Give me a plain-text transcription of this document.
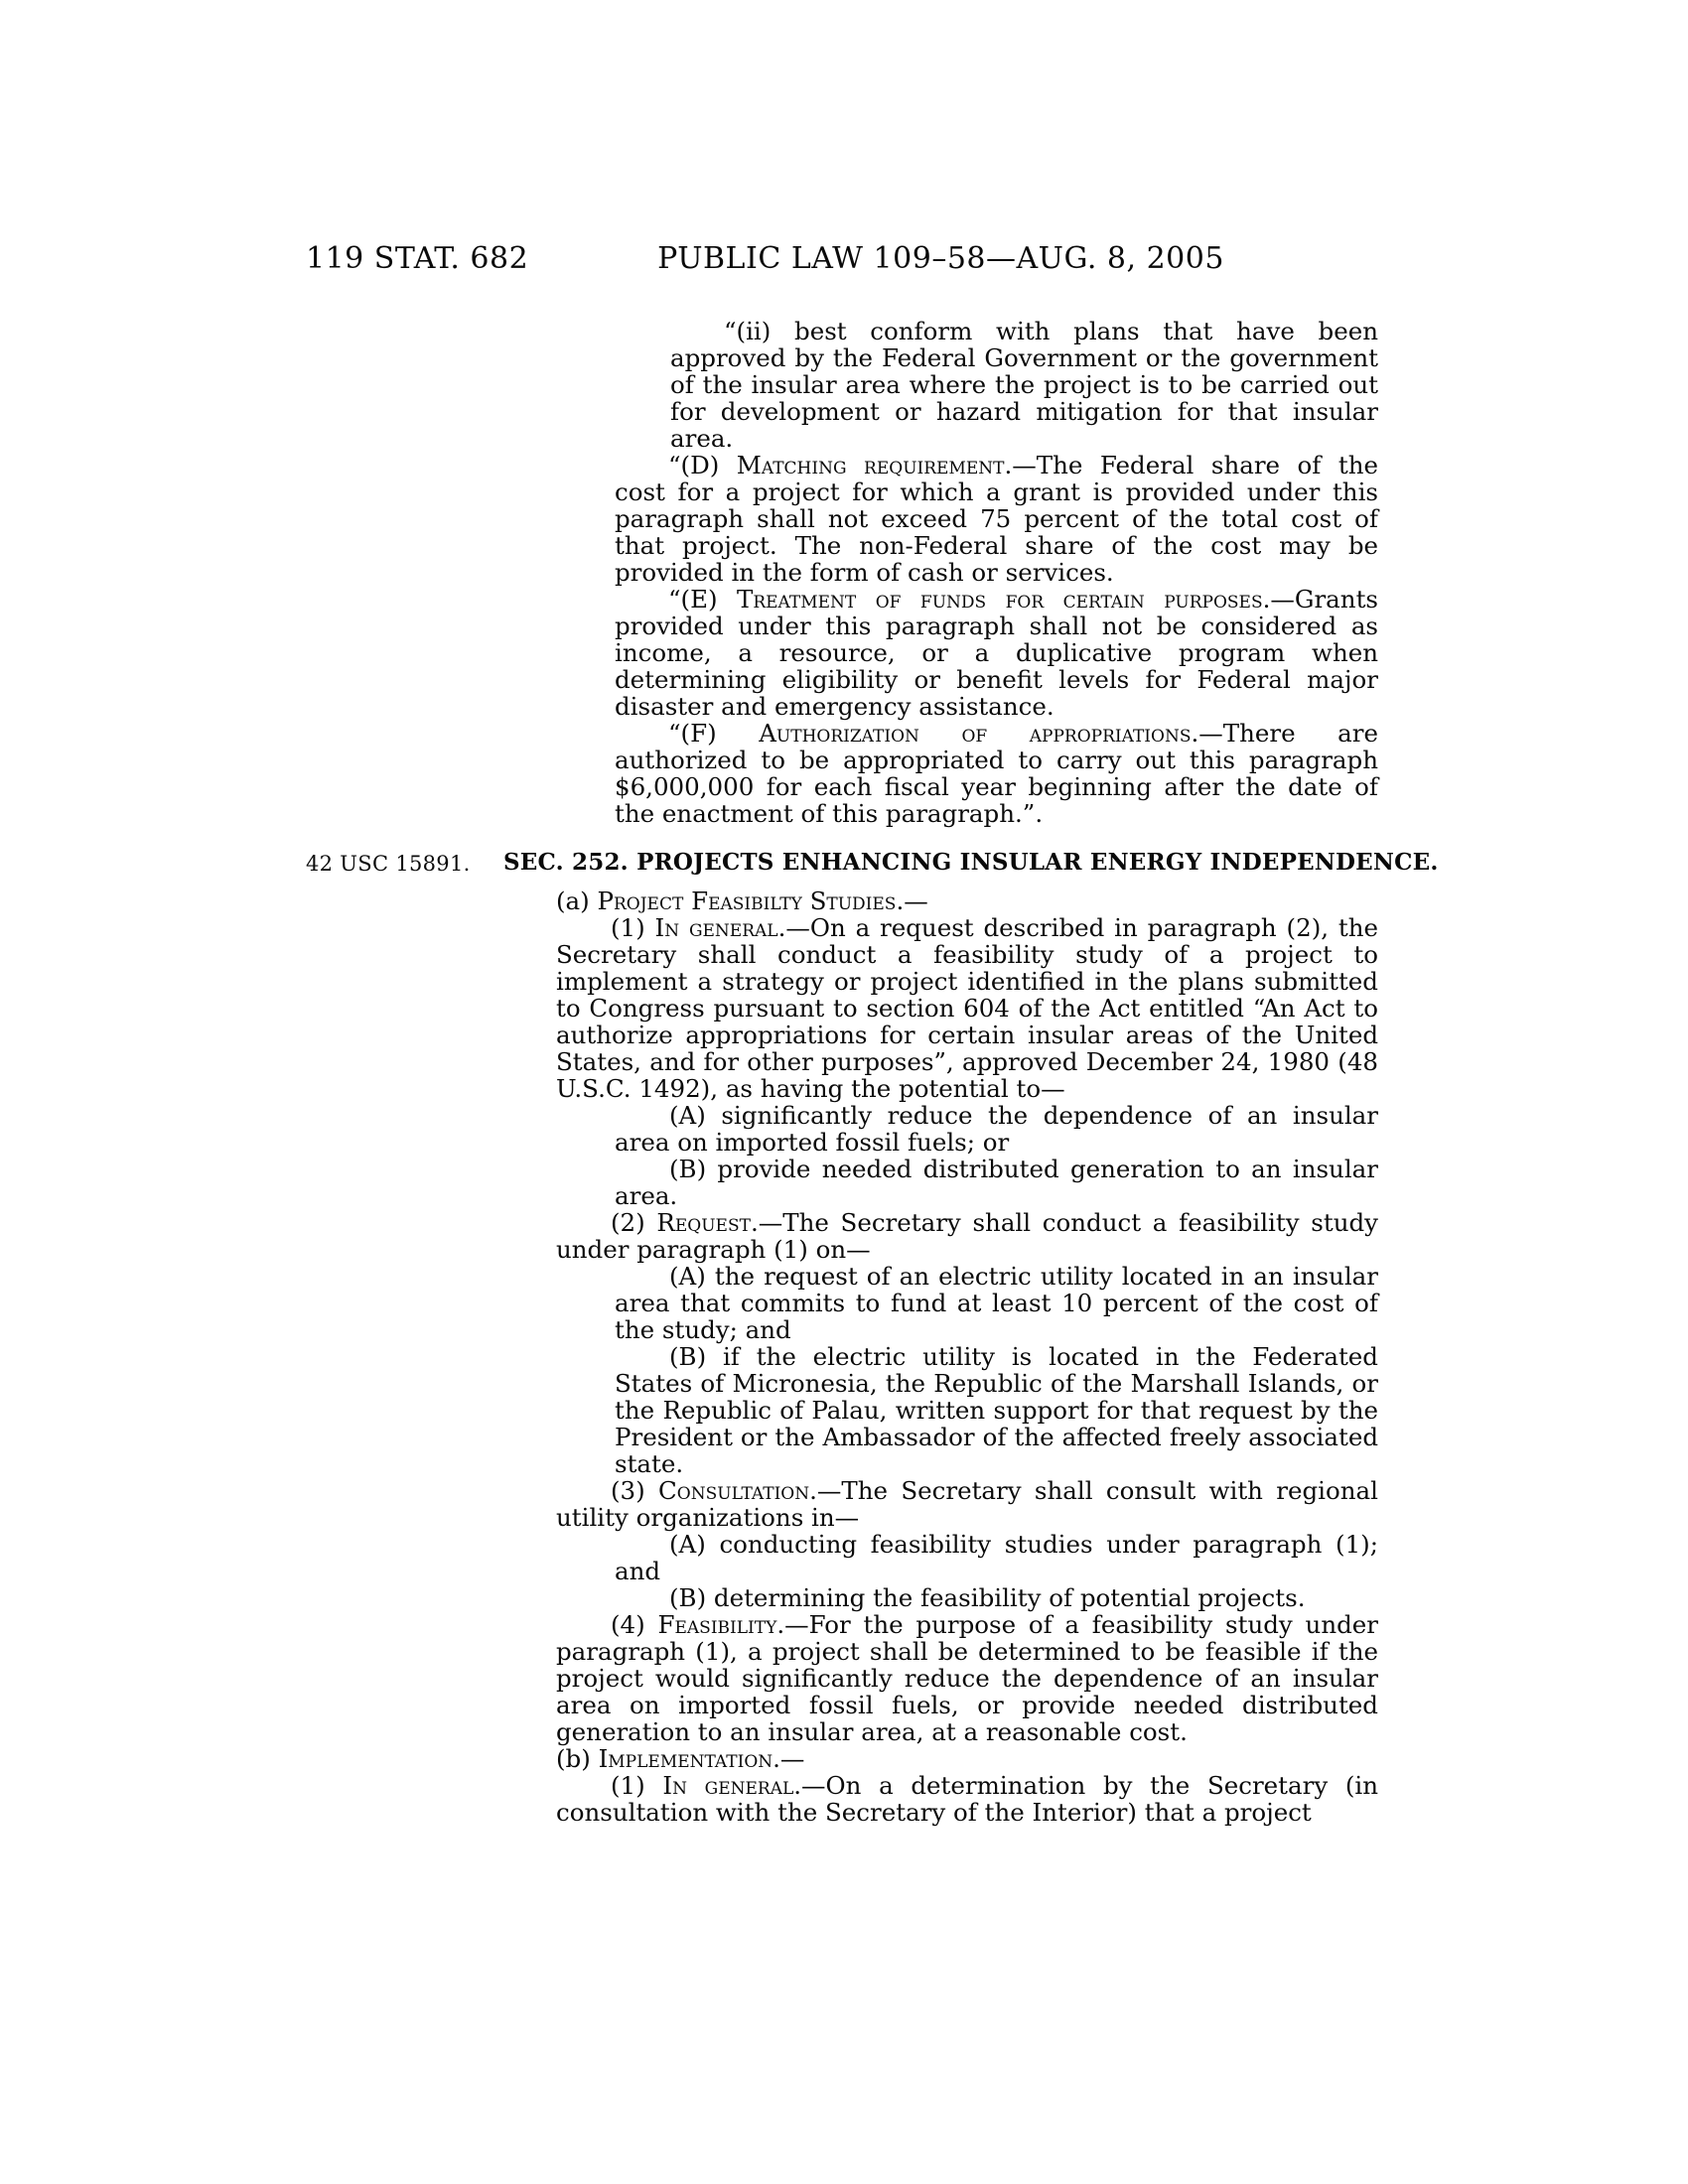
119 STAT. 682	PUBLIC LAW 109–58—AUG. 8, 2005

“(ii) best conform with plans that have been approved by the Federal Government or the government of the insular area where the project is to be carried out for development or hazard mitigation for that insular area.

“(D) Matching requirement.—The Federal share of the cost for a project for which a grant is provided under this paragraph shall not exceed 75 percent of the total cost of that project. The non-Federal share of the cost may be provided in the form of cash or services.

“(E) Treatment of funds for certain purposes.—Grants provided under this paragraph shall not be considered as income, a resource, or a duplicative program when determining eligibility or benefit levels for Federal major disaster and emergency assistance.

“(F) Authorization of appropriations.—There are authorized to be appropriated to carry out this paragraph $6,000,000 for each fiscal year beginning after the date of the enactment of this paragraph.”.

42 USC 15891. SEC. 252. PROJECTS ENHANCING INSULAR ENERGY INDEPENDENCE.

(a) Project Feasibilty Studies.—

(1) In general.—On a request described in paragraph (2), the Secretary shall conduct a feasibility study of a project to implement a strategy or project identified in the plans submitted to Congress pursuant to section 604 of the Act entitled “An Act to authorize appropriations for certain insular areas of the United States, and for other purposes”, approved December 24, 1980 (48 U.S.C. 1492), as having the potential to—

(A) significantly reduce the dependence of an insular area on imported fossil fuels; or

(B) provide needed distributed generation to an insular area.

(2) Request.—The Secretary shall conduct a feasibility study under paragraph (1) on—

(A) the request of an electric utility located in an insular area that commits to fund at least 10 percent of the cost of the study; and

(B) if the electric utility is located in the Federated States of Micronesia, the Republic of the Marshall Islands, or the Republic of Palau, written support for that request by the President or the Ambassador of the affected freely associated state.

(3) Consultation.—The Secretary shall consult with regional utility organizations in—

(A) conducting feasibility studies under paragraph (1); and

(B) determining the feasibility of potential projects.

(4) Feasibility.—For the purpose of a feasibility study under paragraph (1), a project shall be determined to be feasible if the project would significantly reduce the dependence of an insular area on imported fossil fuels, or provide needed distributed generation to an insular area, at a reasonable cost.

(b) Implementation.—

(1) In general.—On a determination by the Secretary (in consultation with the Secretary of the Interior) that a project
